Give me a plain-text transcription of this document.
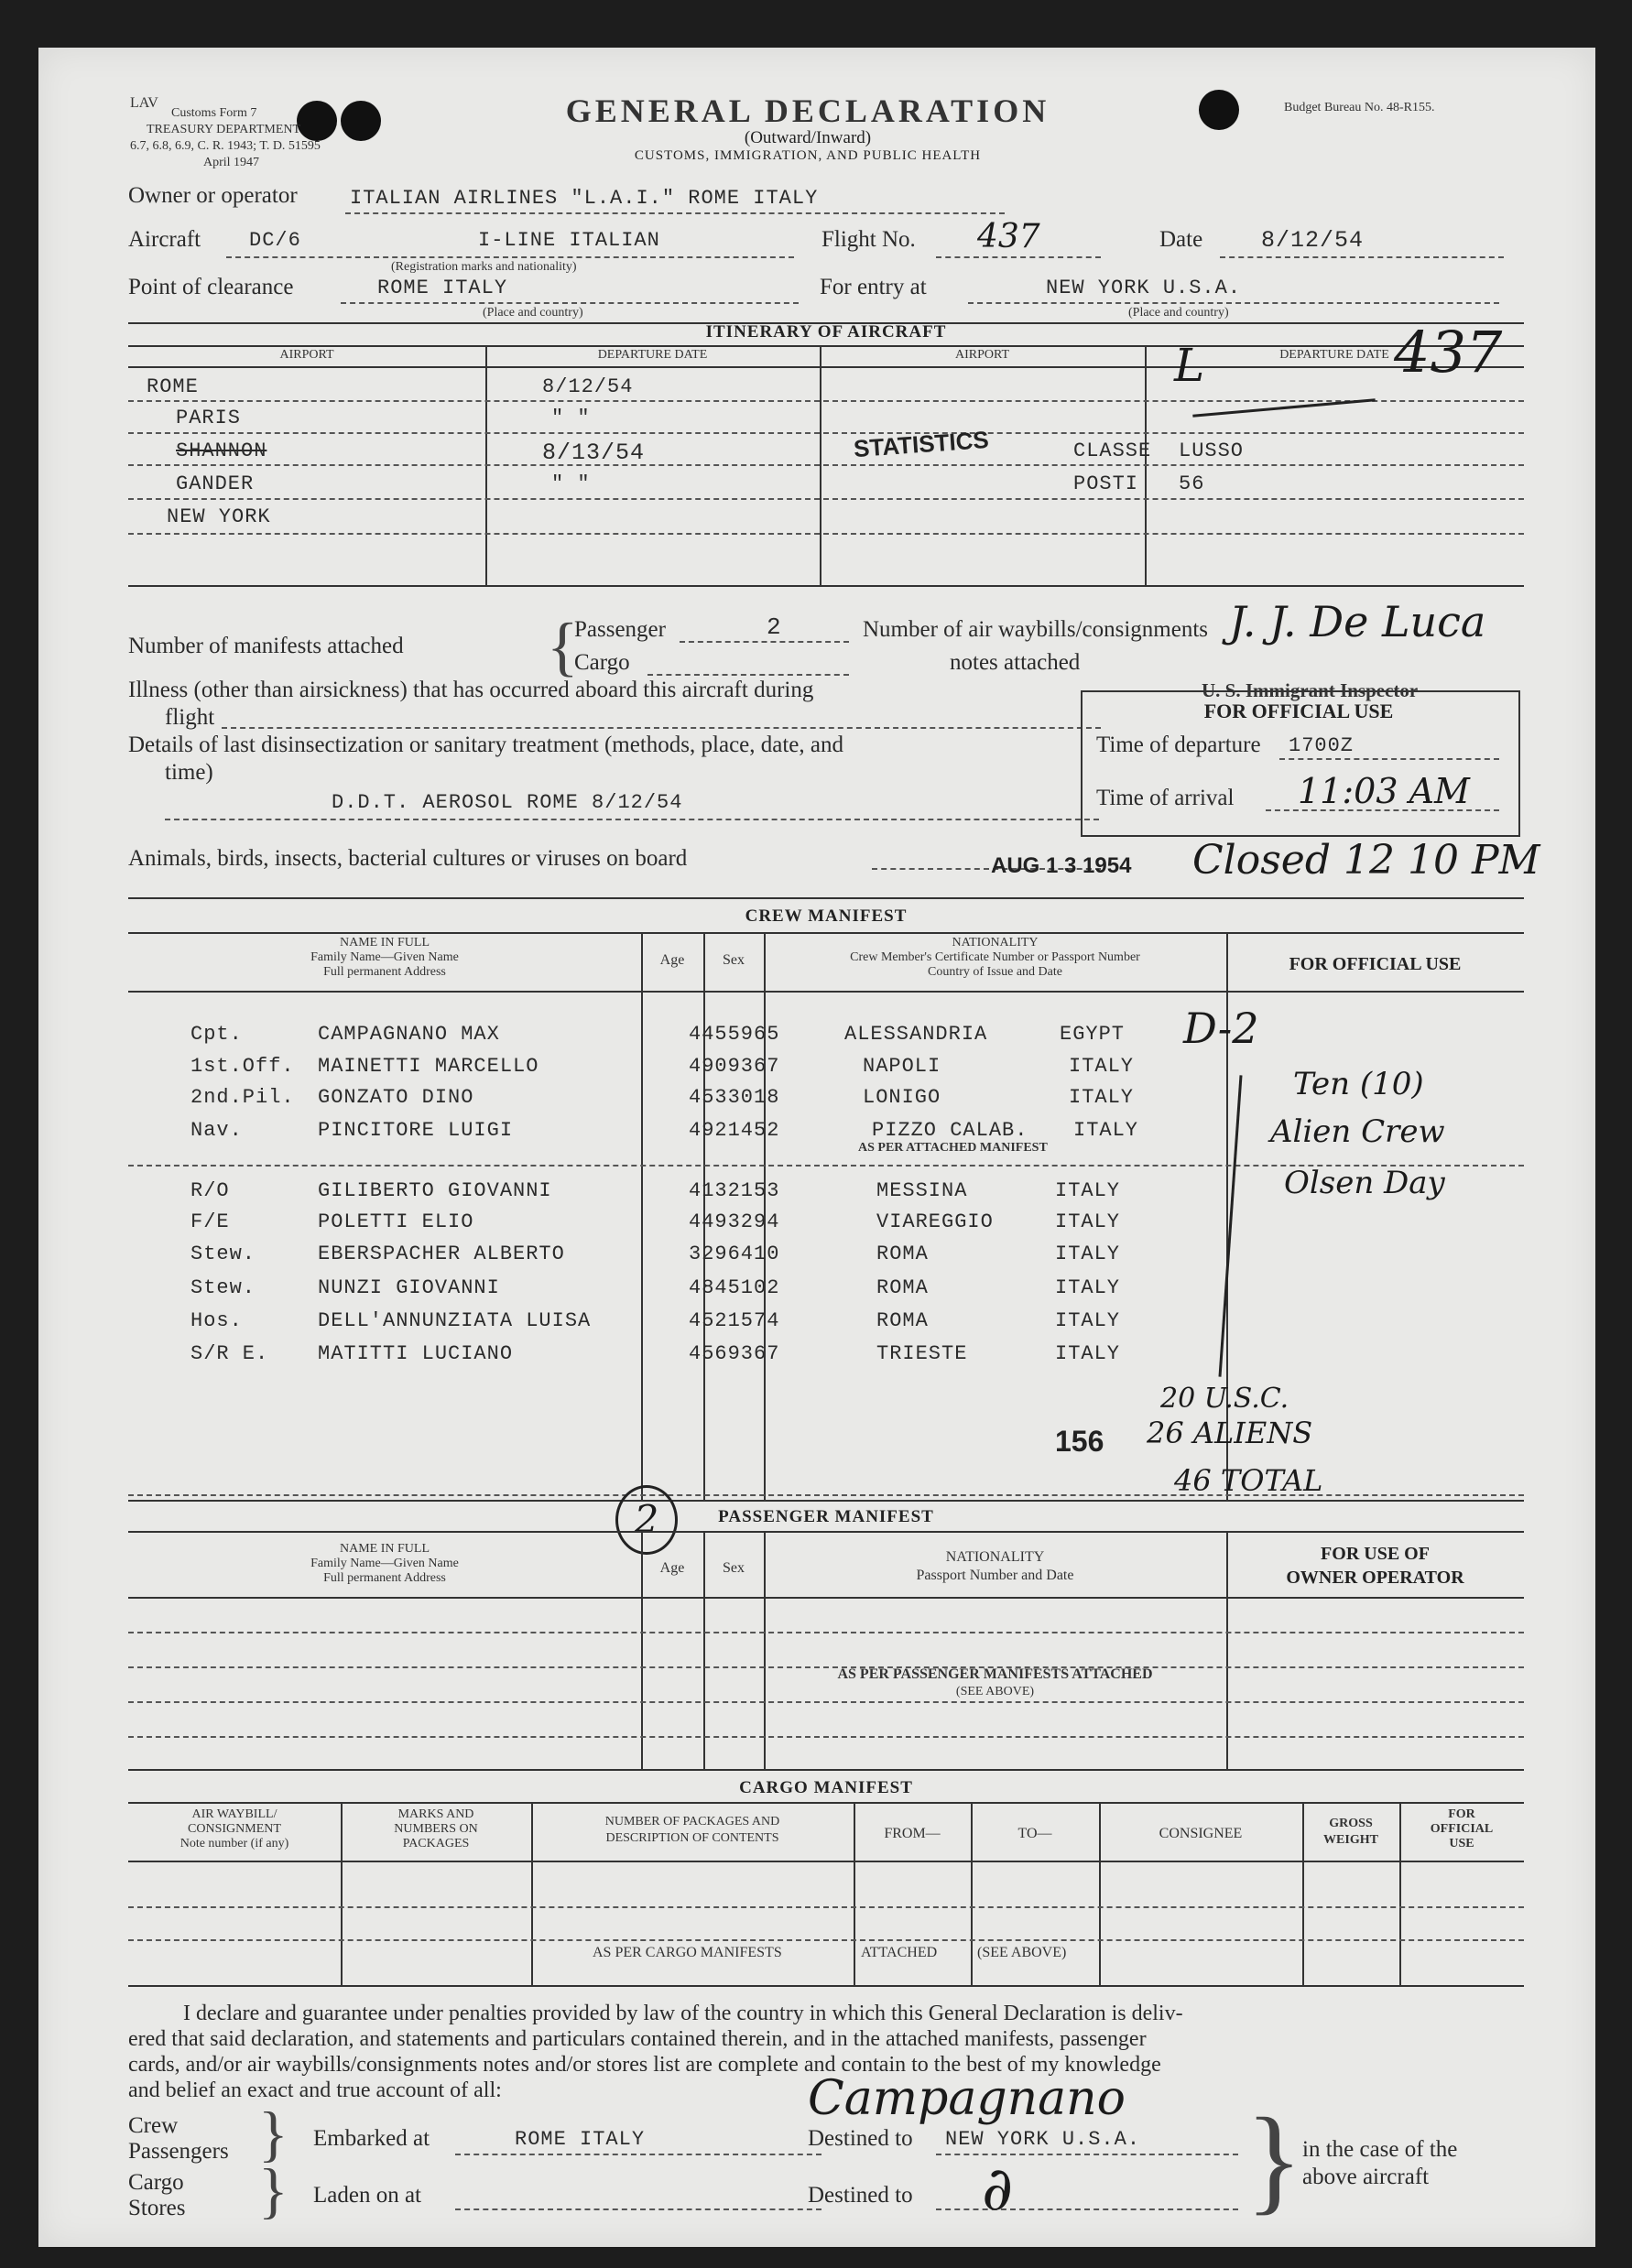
LAV
Customs Form 7
TREASURY DEPARTMENT
6.7, 6.8, 6.9, C. R. 1943; T. D. 51595
April 1947
GENERAL DECLARATION
(Outward/Inward)
CUSTOMS, IMMIGRATION, AND PUBLIC HEALTH
Budget Bureau No. 48-R155.
Owner or operator	ITALIAN AIRLINES "L.A.I." ROME ITALY
Aircraft DC/6	I-LINE ITALIAN
(Registration marks and nationality)
Flight No. 437	Date	8/12/54
Point of clearance	ROME ITALY
(Place and country)
For entry at	NEW YORK U.S.A.
(Place and country)
ITINERARY OF AIRCRAFT
AIRPORT	DEPARTURE DATE	AIRPORT	DEPARTURE DATE
ROME	8/12/54
PARIS	" "
SHANNON	8/13/54
GANDER	" "
NEW YORK
STATISTICS	CLASSE LUSSO
POSTI 56
437
L
Number of manifests attached {
Passenger	2
Cargo
Number of air waybills/consignments
notes attached
J. J. De Luca
U. S. Immigrant Inspector
Illness (other than airsickness) that has occurred aboard this aircraft during
flight
Details of last disinsectization or sanitary treatment (methods, place, date, and
time)
D.D.T. AEROSOL ROME 8/12/54
Animals, birds, insects, bacterial cultures or viruses on board
FOR OFFICIAL USE
Time of departure 1700Z
Time of arrival 11:03 AM
AUG 1 3 1954 Closed 12 10 PM
CREW MANIFEST
NAME IN FULL
Family Name—Given Name
Full permanent Address
Age	Sex
NATIONALITY
Crew Member's Certificate Number or Passport Number
Country of Issue and Date	FOR OFFICIAL USE
Cpt.	CAMPAGNANO MAX	4455965	ALESSANDRIA	EGYPT
1st.Off. MAINETTI MARCELLO	4909367	NAPOLI	ITALY
2nd.Pil. GONZATO DINO	4533018	LONIGO	ITALY
Nav.	PINCITORE LUIGI	4921452	PIZZO CALAB. ITALY
AS PER ATTACHED MANIFEST
R/O	GILIBERTO GIOVANNI	4132153	MESSINA	ITALY
F/E	POLETTI ELIO	4493294	VIAREGGIO	ITALY
Stew.	EBERSPACHER ALBERTO	3296410	ROMA	ITALY
Stew.	NUNZI GIOVANNI	4845102	ROMA	ITALY
Hos.	DELL'ANNUNZIATA LUISA	4521574	ROMA	ITALY
S/R E. MATITTI LUCIANO	4569367	TRIESTE	ITALY
D-2
Ten (10)
Alien Crew
Olsen Day
156
20 U.S.C.
26 ALIENS
46 TOTAL
2	PASSENGER MANIFEST
NAME IN FULL
Family Name—Given Name
Full permanent Address
Age	Sex
NATIONALITY
Passport Number and Date
FOR USE OF
OWNER OPERATOR
AS PER PASSENGER MANIFESTS ATTACHED
(SEE ABOVE)
CARGO MANIFEST
AIR WAYBILL/
CONSIGNMENT
Note number (if any)
MARKS AND
NUMBERS ON
PACKAGES
NUMBER OF PACKAGES AND
DESCRIPTION OF CONTENTS	FROM—	TO—	CONSIGNEE
GROSS
WEIGHT
FOR
OFFICIAL
USE
AS PER CARGO MANIFESTS	ATTACHED	(SEE ABOVE)
I declare and guarantee under penalties provided by law of the country in which this General Declaration is deliv-
ered that said declaration, and statements and particulars contained therein, and in the attached manifests, passenger
cards, and/or air waybills/consignments notes and/or stores list are complete and contain to the best of my knowledge
and belief an exact and true account of all:
Crew
Passengers } Embarked at	ROME ITALY	Destined to NEW YORK U.S.A.
Campagnano
Cargo
Stores } Laden on at	Destined to ∂ } in the case of the
above aircraft
